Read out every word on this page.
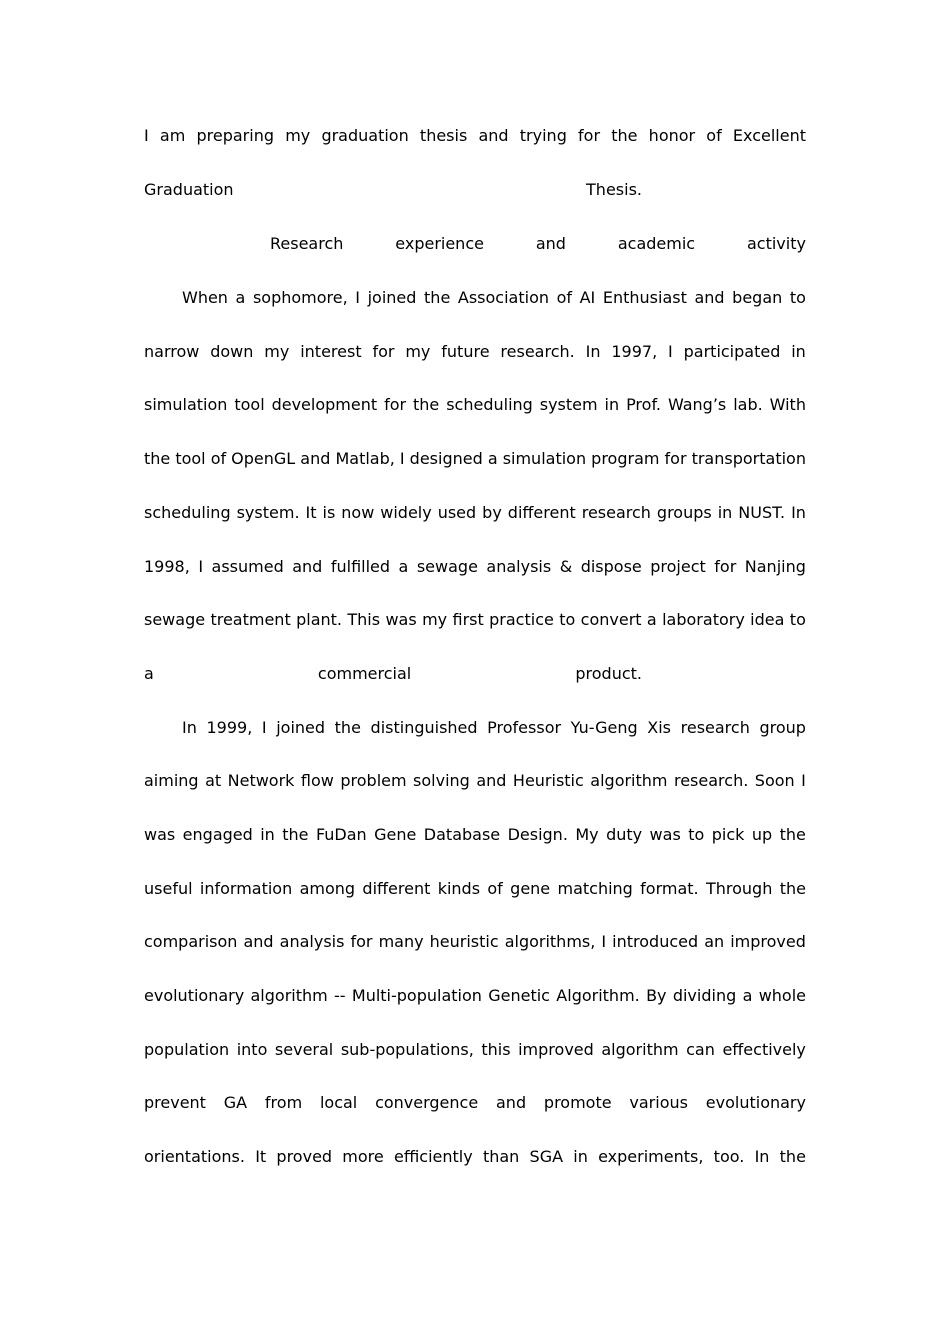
I am preparing my graduation thesis and trying for the honor of Excellent
Graduation	Thesis.
Research	experience	and	academic	activity
When a sophomore, I joined the Association of AI Enthusiast and began to
narrow down my interest for my future research. In 1997, I participated in
simulation tool development for the scheduling system in Prof. Wang’s lab. With
the tool of OpenGL and Matlab, I designed a simulation program for transportation
scheduling system. It is now widely used by different research groups in NUST. In
1998, I assumed and fulfilled a sewage analysis & dispose project for Nanjing
sewage treatment plant. This was my first practice to convert a laboratory idea to
a	commercial	product.
In 1999, I joined the distinguished Professor Yu-Geng Xis research group
aiming at Network flow problem solving and Heuristic algorithm research. Soon I
was engaged in the FuDan Gene Database Design. My duty was to pick up the
useful information among different kinds of gene matching format. Through the
comparison and analysis for many heuristic algorithms, I introduced an improved
evolutionary algorithm -- Multi-population Genetic Algorithm. By dividing a whole
population into several sub-populations, this improved algorithm can effectively
prevent GA from local convergence and promote various evolutionary
orientations. It proved more efficiently than SGA in experiments, too. In the
